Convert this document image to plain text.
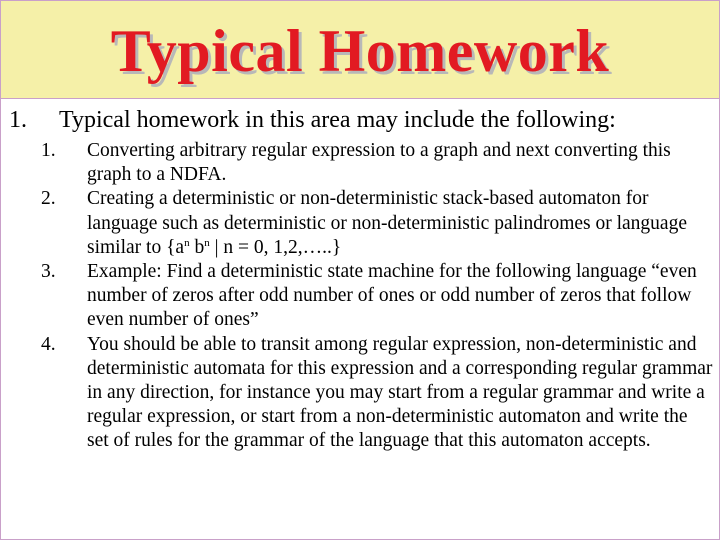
Typical Homework
1. Typical homework in this area may include the following:
1. Converting arbitrary regular expression to a graph and next converting this graph to a NDFA.
2. Creating a deterministic or non-deterministic stack-based automaton for language such as deterministic or non-deterministic palindromes or language similar to {$a^n$ $b^n$ | n = 0, 1,2,…..}
3. Example: Find a deterministic state machine for the following language “even number of zeros after odd number of ones or odd number of zeros that follow even number of ones”
4. You should be able to transit among regular expression, non-deterministic and deterministic automata for this expression and a corresponding regular grammar in any direction, for instance you may start from a regular grammar and write a regular expression, or start from a non-deterministic automaton and write the set of rules for the grammar of the language that this automaton accepts.
